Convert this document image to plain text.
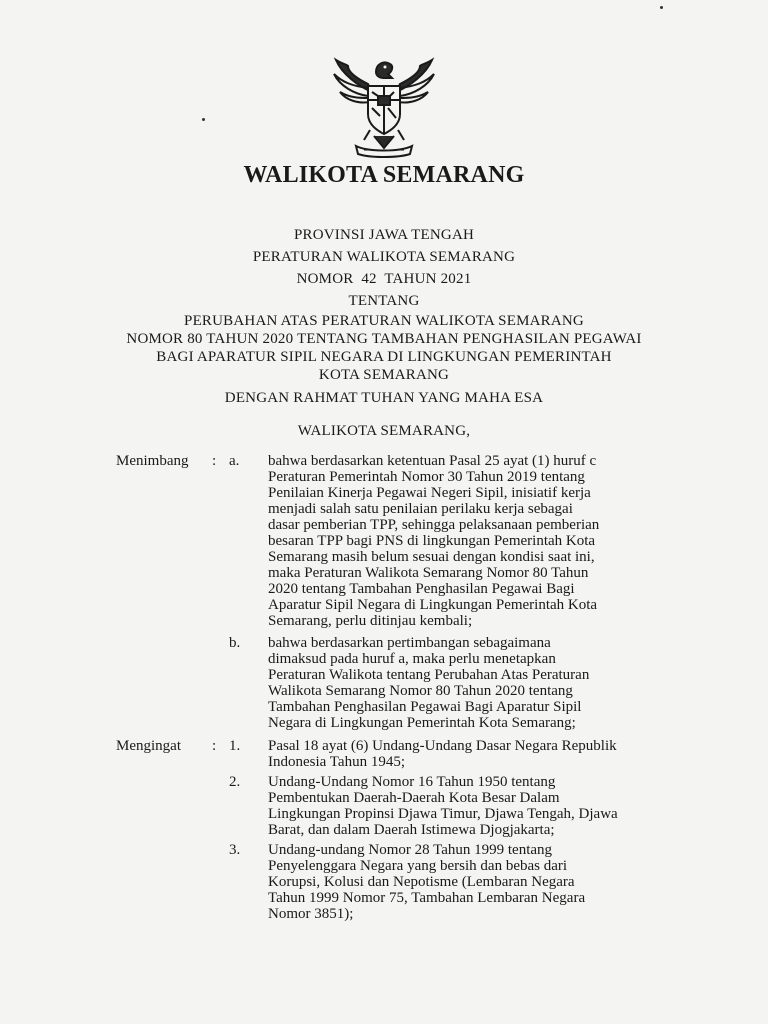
WALIKOTA SEMARANG
PROVINSI JAWA TENGAH
PERATURAN WALIKOTA SEMARANG
NOMOR  42  TAHUN 2021
TENTANG
PERUBAHAN ATAS PERATURAN WALIKOTA SEMARANG
NOMOR 80 TAHUN 2020 TENTANG TAMBAHAN PENGHASILAN PEGAWAI
BAGI APARATUR SIPIL NEGARA DI LINGKUNGAN PEMERINTAH
KOTA SEMARANG
DENGAN RAHMAT TUHAN YANG MAHA ESA
WALIKOTA SEMARANG,
Menimbang : a. bahwa berdasarkan ketentuan Pasal 25 ayat (1) huruf c
Peraturan Pemerintah Nomor 30 Tahun 2019 tentang
Penilaian Kinerja Pegawai Negeri Sipil, inisiatif kerja
menjadi salah satu penilaian perilaku kerja sebagai
dasar pemberian TPP, sehingga pelaksanaan pemberian
besaran TPP bagi PNS di lingkungan Pemerintah Kota
Semarang masih belum sesuai dengan kondisi saat ini,
maka Peraturan Walikota Semarang Nomor 80 Tahun
2020 tentang Tambahan Penghasilan Pegawai Bagi
Aparatur Sipil Negara di Lingkungan Pemerintah Kota
Semarang, perlu ditinjau kembali;
b. bahwa berdasarkan pertimbangan sebagaimana
dimaksud pada huruf a, maka perlu menetapkan
Peraturan Walikota tentang Perubahan Atas Peraturan
Walikota Semarang Nomor 80 Tahun 2020 tentang
Tambahan Penghasilan Pegawai Bagi Aparatur Sipil
Negara di Lingkungan Pemerintah Kota Semarang;
Mengingat : 1. Pasal 18 ayat (6) Undang-Undang Dasar Negara Republik
Indonesia Tahun 1945;
2. Undang-Undang Nomor 16 Tahun 1950 tentang
Pembentukan Daerah-Daerah Kota Besar Dalam
Lingkungan Propinsi Djawa Timur, Djawa Tengah, Djawa
Barat, dan dalam Daerah Istimewa Djogjakarta;
3. Undang-undang Nomor 28 Tahun 1999 tentang
Penyelenggara Negara yang bersih dan bebas dari
Korupsi, Kolusi dan Nepotisme (Lembaran Negara
Tahun 1999 Nomor 75, Tambahan Lembaran Negara
Nomor 3851);
